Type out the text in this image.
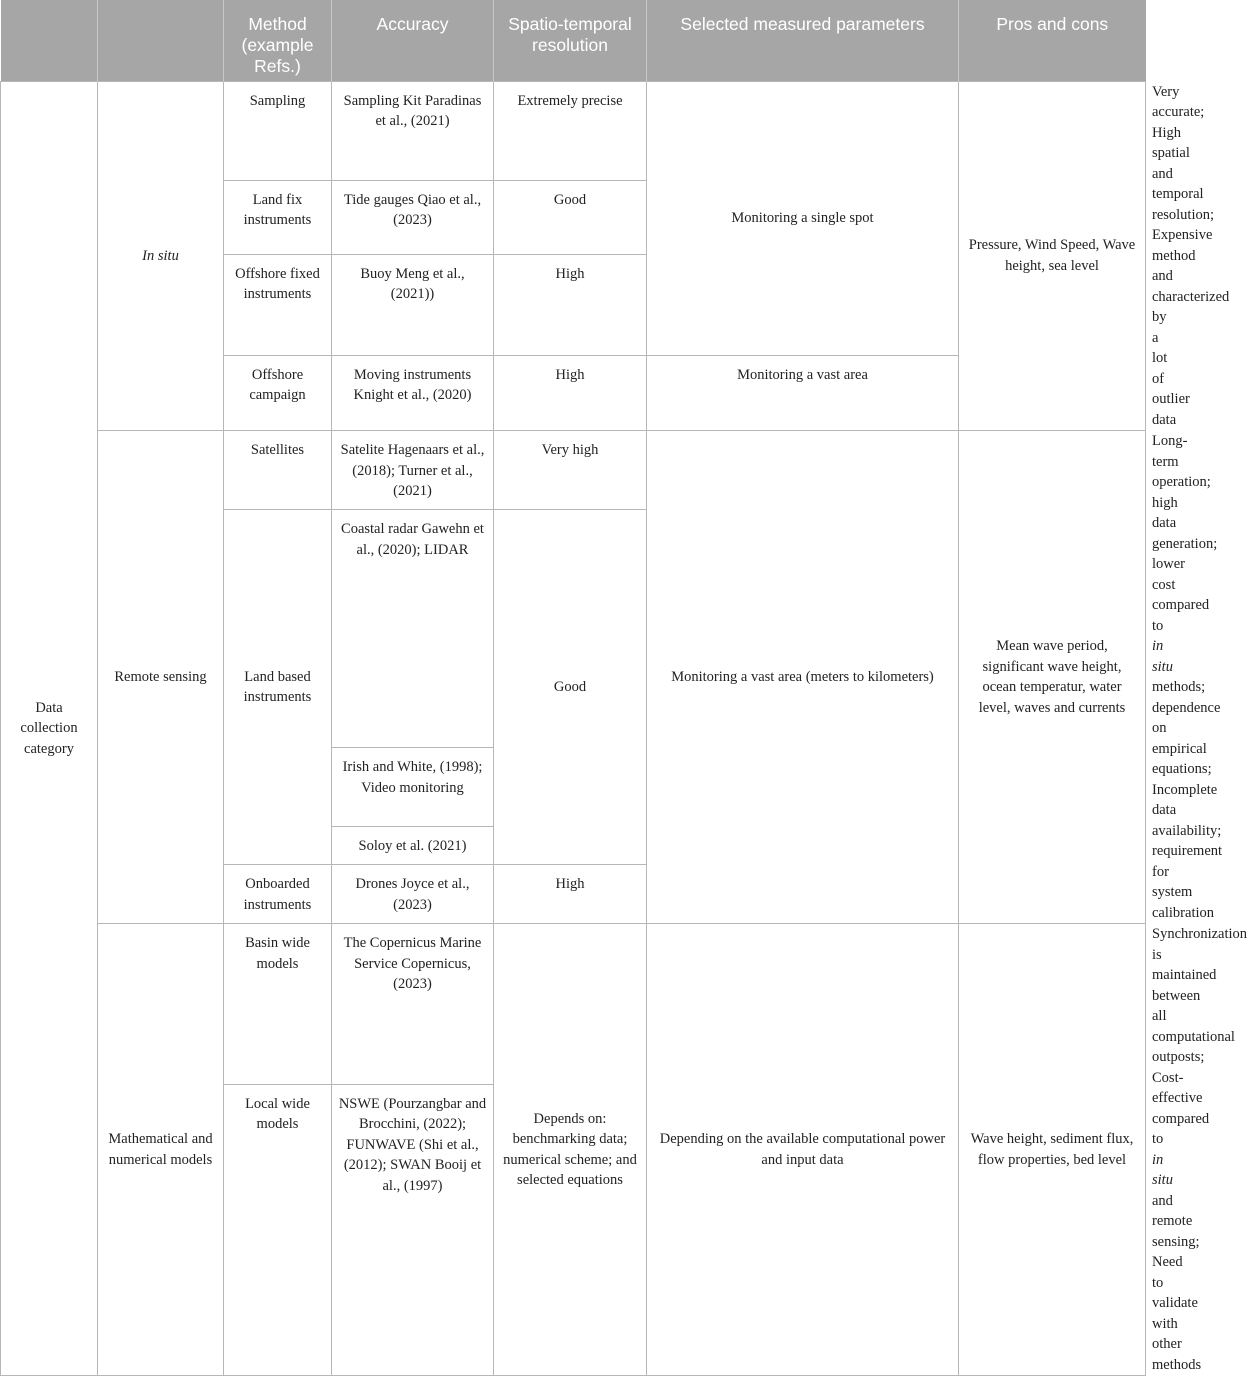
		Method (example Refs.)	Accuracy	Spatio-temporal resolution	Selected measured parameters	Pros and cons	
Data collection category	In situ	Sampling	Sampling Kit Paradinas et al., (2021)	Extremely precise	Monitoring a single spot	Pressure, Wind Speed, Wave height, sea level	Very accurate; High spatial and temporal resolution; Expensive method and characterized by a lot of outlier data
		Land fix instruments	Tide gauges Qiao et al., (2023)	Good			
		Offshore fixed instruments	Buoy Meng et al., (2021))	High			
		Offshore campaign	Moving instruments Knight et al., (2020)	High	Monitoring a vast area		
	Remote sensing	Satellites	Satelite Hagenaars et al., (2018); Turner et al., (2021)	Very high	Monitoring a vast area (meters to kilometers)	Mean wave period, significant wave height, ocean temperatur, water level, waves and currents	Long-term operation; high data generation; lower cost compared to in situ methods; dependence on empirical equations; Incomplete data availability; requirement for system calibration
		Land based instruments	Coastal radar Gawehn et al., (2020); LIDAR	Good			
			Irish and White, (1998); Video monitoring				
			Soloy et al. (2021)				
		Onboarded instruments	Drones Joyce et al., (2023)	High			
	Mathematical and numerical models	Basin wide models	The Copernicus Marine Service Copernicus, (2023)	Depends on: benchmarking data; numerical scheme; and selected equations	Depending on the available computational power and input data	Wave height, sediment flux, flow properties, bed level	Synchronization is maintained between all computational outposts; Cost-effective compared to in situ and remote sensing; Need to validate with other methods
		Local wide models	NSWE (Pourzangbar and Brocchini, (2022); FUNWAVE (Shi et al., (2012); SWAN Booij et al., (1997)				
